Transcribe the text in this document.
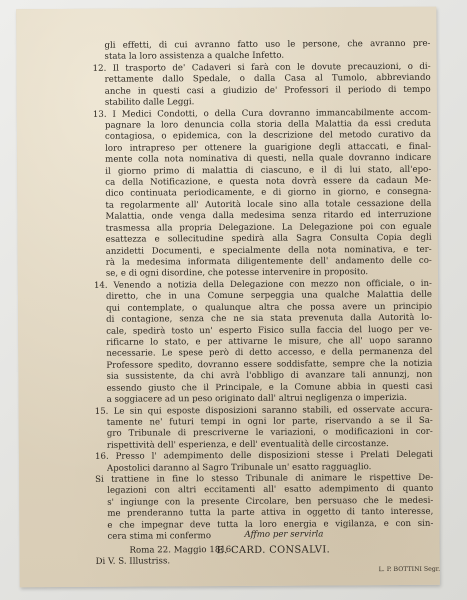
gli effetti, di cui avranno fatto uso le persone, che avranno pre-
stata la loro assistenza a qualche Infetto.
12. Il trasporto de' Cadaveri si farà con le dovute precauzioni, o di-
rettamente dallo Spedale, o dalla Casa al Tumolo, abbreviando
anche in questi casi a giudizio de' Professori il periodo di tempo
stabilito dalle Leggi.
13. I Medici Condotti, o della Cura dovranno immancabilmente accom-
pagnare la loro denuncia colla storia della Malattia da essi creduta
contagiosa, o epidemica, con la descrizione del metodo curativo da
loro intrapreso per ottenere la guarigione degli attaccati, e final-
mente colla nota nominativa di questi, nella quale dovranno indicare
il giorno primo di malattia di ciascuno, e il di lui stato, all'epo-
ca della Notificazione, e questa nota dovrà essere da cadaun Me-
dico continuata periodicamente, e di giorno in giorno, e consegna-
ta regolarmente all' Autorità locale sino alla totale cessazione della
Malattia, onde venga dalla medesima senza ritardo ed interruzione
trasmessa alla propria Delegazione. La Delegazione poi con eguale
esattezza e sollecitudine spedirà alla Sagra Consulta Copia degli
anzidetti Documenti, e specialmente della nota nominativa, e ter-
rà la medesima informata diligentemente dell' andamento delle co-
se, e di ogni disordine, che potesse intervenire in proposito.
14. Venendo a notizia della Delegazione con mezzo non officiale, o in-
diretto, che in una Comune serpeggia una qualche Malattia delle
qui contemplate, o qualunque altra che possa avere un principio
di contagione, senza che ne sia stata prevenuta dalla Autorità lo-
cale, spedirà tosto un' esperto Fisico sulla faccia del luogo per ve-
rificarne lo stato, e per attivarne le misure, che all' uopo saranno
necessarie. Le spese però di detto accesso, e della permanenza del
Professore spedito, dovranno essere soddisfatte, sempre che la notizia
sia sussistente, da chi avrà l'obbligo di avanzare tali annunzj, non
essendo giusto che il Principale, e la Comune abbia in questi casi
a soggiacere ad un peso originato dall' altrui negligenza o imperizia.
15. Le sin qui esposte disposizioni saranno stabili, ed osservate accura-
tamente ne' futuri tempi in ogni lor parte, riservando a se il Sa-
gro Tribunale di prescriverne le variazioni, o modificazioni in cor-
rispettività dell' esperienza, e dell' eventualità delle circostanze.
16. Presso l' adempimento delle disposizioni stesse i Prelati Delegati
Apostolici daranno al Sagro Tribunale un' esatto ragguaglio.
Si trattiene in fine lo stesso Tribunale di animare le rispettive De-
legazioni con altri eccitamenti all' esatto adempimento di quanto
s' ingiunge con la presente Circolare, ben persuaso che le medesi-
me prenderanno tutta la parte attiva in oggetto di tanto interesse,
e che impegnar deve tutta la loro energia e vigilanza, e con sin-
cera stima mi confermo
Roma 22. Maggio 1816.
Di V. S. Illustriss.
Affmo per servirla
E. CARD. CONSALVI.
L. P. BOTTINI Segr.
